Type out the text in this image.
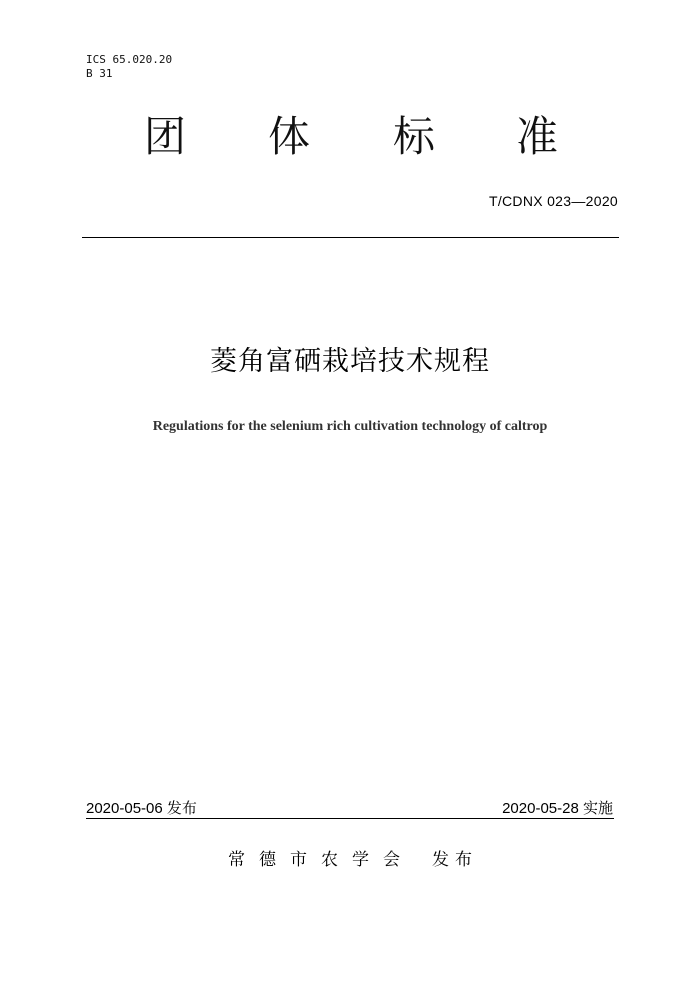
ICS 65.020.20
B 31
团 体 标 准
T/CDNX 023—2020
菱角富硒栽培技术规程
Regulations for the selenium rich cultivation technology of caltrop
2020-05-06 发布	2020-05-28 实施
常德市农学会 发布
